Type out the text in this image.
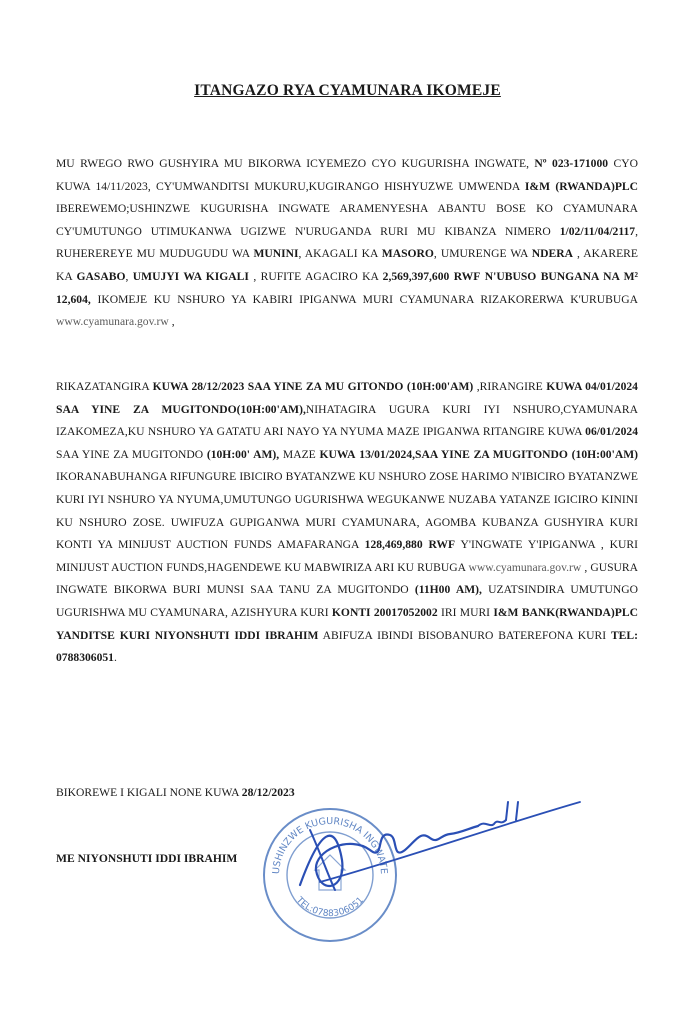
ITANGAZO RYA CYAMUNARA IKOMEJE
MU RWEGO RWO GUSHYIRA MU BIKORWA ICYEMEZO CYO KUGURISHA INGWATE, Nº 023-171000 CYO KUWA 14/11/2023, CY'UMWANDITSI MUKURU,KUGIRANGO HISHYUZWE UMWENDA I&M (RWANDA)PLC IBEREWEMO;USHINZWE KUGURISHA INGWATE ARAMENYESHA ABANTU BOSE KO CYAMUNARA CY'UMUTUNGO UTIMUKANWA UGIZWE N'URUGANDA RURI MU KIBANZA NIMERO 1/02/11/04/2117, RUHEREREYE MU MUDUGUDU WA MUNINI, AKAGALI KA MASORO, UMURENGE WA NDERA , AKARERE KA GASABO, UMUJYI WA KIGALI , RUFITE AGACIRO KA 2,569,397,600 RWF N'UBUSO BUNGANA NA M² 12,604, IKOMEJE KU NSHURO YA KABIRI IPIGANWA MURI CYAMUNARA RIZAKORERWA K'URUBUGA www.cyamunara.gov.rw ,
RIKAZATANGIRA KUWA 28/12/2023 SAA YINE ZA MU GITONDO (10H:00'AM) ,RIRANGIRE KUWA 04/01/2024 SAA YINE ZA MUGITONDO(10H:00'AM),NIHATAGIRA UGURA KURI IYI NSHURO,CYAMUNARA IZAKOMEZA,KU NSHURO YA GATATU ARI NAYO YA NYUMA MAZE IPIGANWA RITANGIRE KUWA 06/01/2024 SAA YINE ZA MUGITONDO (10H:00' AM), MAZE KUWA 13/01/2024,SAA YINE ZA MUGITONDO (10H:00'AM) IKORANABUHANGA RIFUNGURE IBICIRO BYATANZWE KU NSHURO ZOSE HARIMO N'IBICIRO BYATANZWE KURI IYI NSHURO YA NYUMA,UMUTUNGO UGURISHWA WEGUKANWE NUZABA YATANZE IGICIRO KININI KU NSHURO ZOSE. UWIFUZA GUPIGANWA MURI CYAMUNARA, AGOMBA KUBANZA GUSHYIRA KURI KONTI YA MINIJUST AUCTION FUNDS AMAFARANGA 128,469,880 RWF Y'INGWATE Y'IPIGANWA , KURI MINIJUST AUCTION FUNDS,HAGENDEWE KU MABWIRIZA ARI KU RUBUGA www.cyamunara.gov.rw , GUSURA INGWATE BIKORWA BURI MUNSI SAA TANU ZA MUGITONDO (11H00 AM), UZATSINDIRA UMUTUNGO UGURISHWA MU CYAMUNARA, AZISHYURA KURI KONTI 20017052002 IRI MURI I&M BANK(RWANDA)PLC YANDITSE KURI NIYONSHUTI IDDI IBRAHIM ABIFUZA IBINDI BISOBANURO BATEREFONA KURI TEL: 0788306051.
BIKOREWE I KIGALI NONE KUWA 28/12/2023
ME NIYONSHUTI IDDI IBRAHIM
USHINZWE KUGURISHA INGWATE
TEL:0788306051
